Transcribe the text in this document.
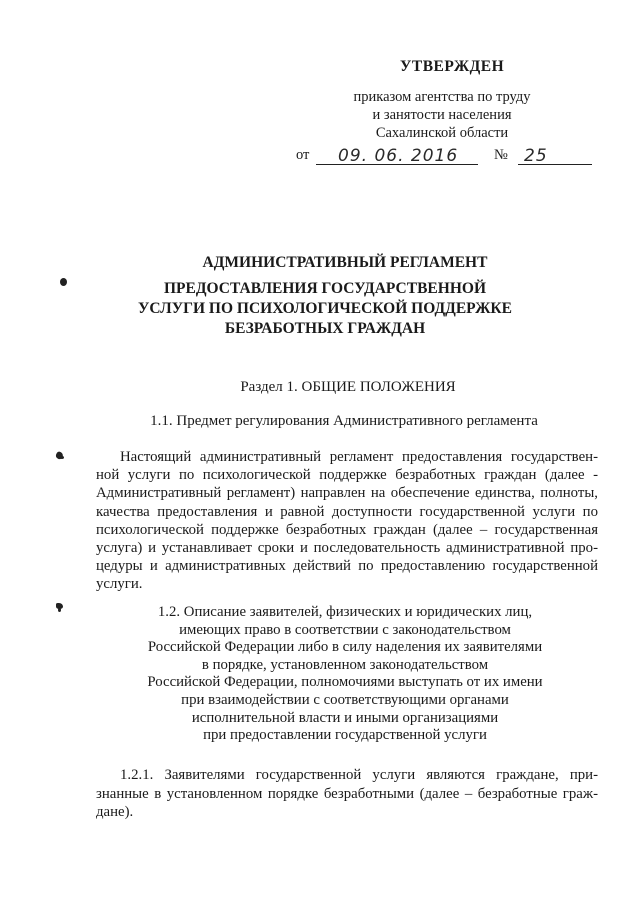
УТВЕРЖДЕН
приказом агентства по труду
и занятости населения
Сахалинской области
от 09. 06. 2016 № 25
АДМИНИСТРАТИВНЫЙ РЕГЛАМЕНТ
ПРЕДОСТАВЛЕНИЯ ГОСУДАРСТВЕННОЙ
УСЛУГИ ПО ПСИХОЛОГИЧЕСКОЙ ПОДДЕРЖКЕ
БЕЗРАБОТНЫХ ГРАЖДАН
Раздел 1. ОБЩИЕ ПОЛОЖЕНИЯ
1.1. Предмет регулирования Административного регламента
Настоящий административный регламент предоставления государствен-
ной услуги по психологической поддержке безработных граждан (далее -
Административный регламент) направлен на обеспечение единства, полноты,
качества предоставления и равной доступности государственной услуги по
психологической поддержке безработных граждан (далее – государственная
услуга) и устанавливает сроки и последовательность административной про-
цедуры и административных действий по предоставлению государственной
услуги.
1.2. Описание заявителей, физических и юридических лиц,
имеющих право в соответствии с законодательством
Российской Федерации либо в силу наделения их заявителями
в порядке, установленном законодательством
Российской Федерации, полномочиями выступать от их имени
при взаимодействии с соответствующими органами
исполнительной власти и иными организациями
при предоставлении государственной услуги
1.2.1. Заявителями государственной услуги являются граждане, при-
знанные в установленном порядке безработными (далее – безработные граж-
дане).
